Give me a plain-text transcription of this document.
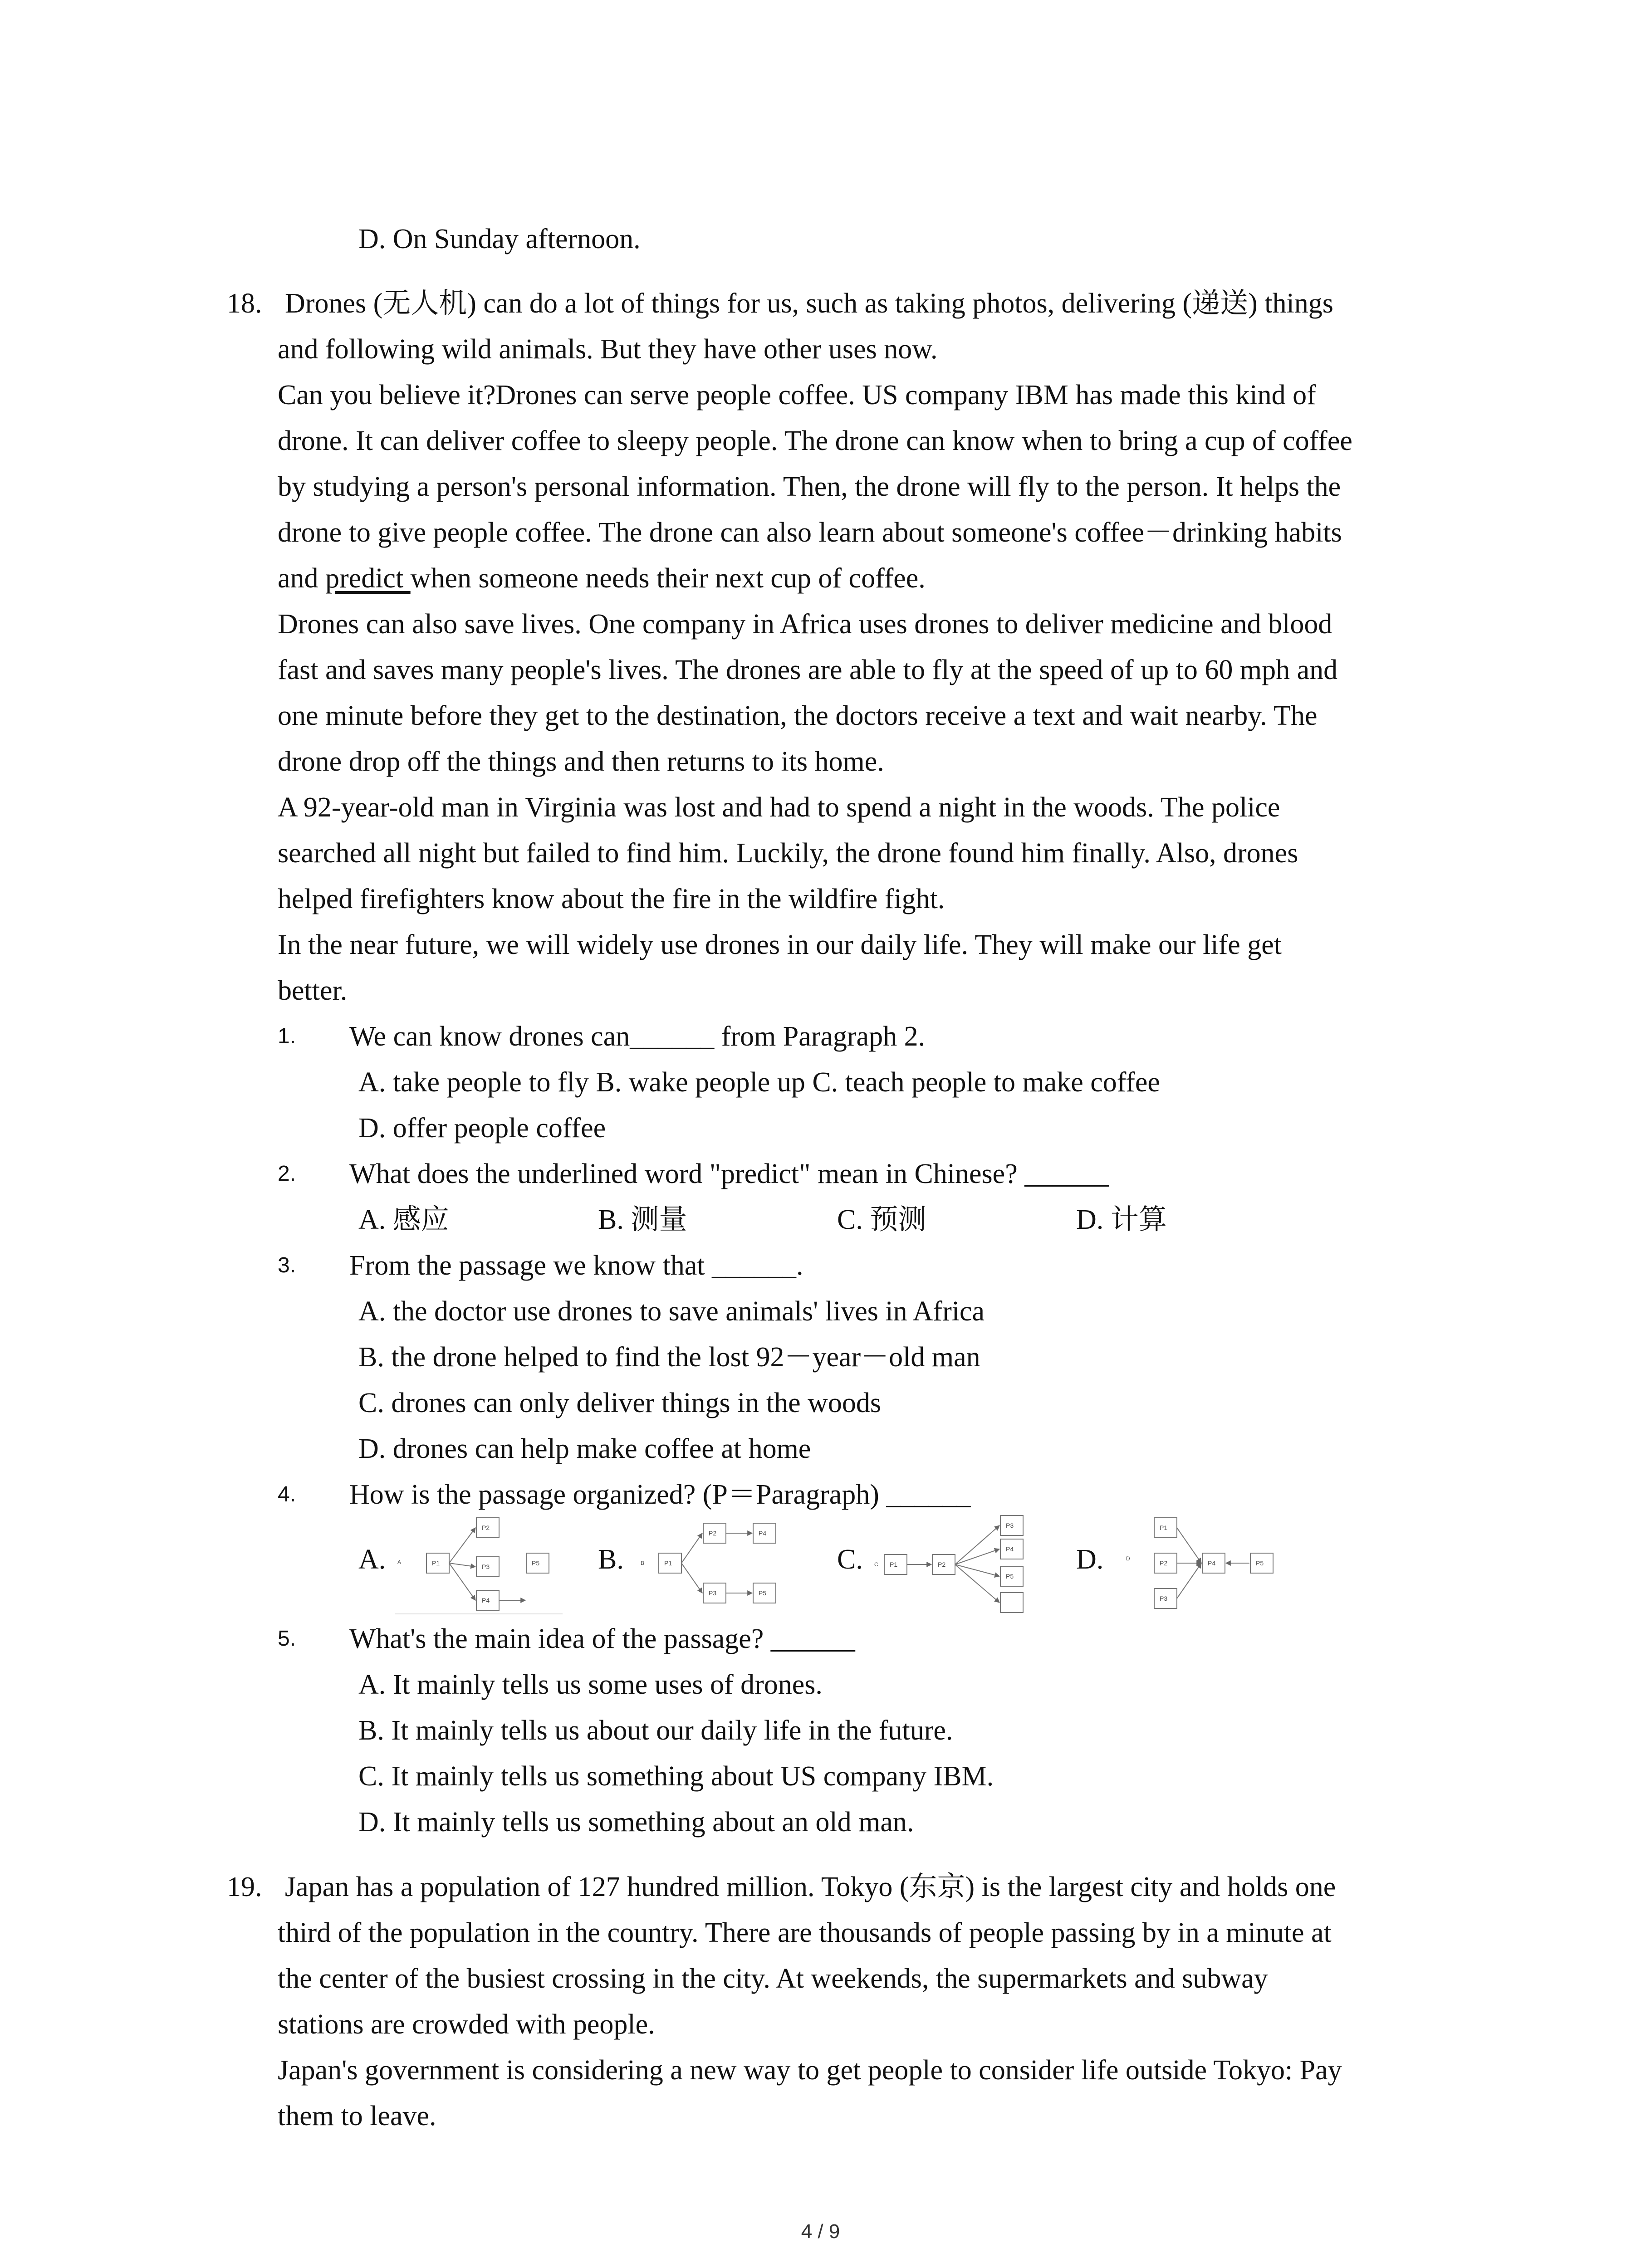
D. On Sunday afternoon.
18. Drones (无人机) can do a lot of things for us, such as taking photos, delivering (递送) things
and following wild animals. But they have other uses now.
Can you believe it?Drones can serve people coffee. US company IBM has made this kind of
drone. It can deliver coffee to sleepy people. The drone can know when to bring a cup of coffee
by studying a person's personal information. Then, the drone will fly to the person. It helps the
drone to give people coffee. The drone can also learn about someone's coffee－drinking habits
and predict when someone needs their next cup of coffee.
Drones can also save lives. One company in Africa uses drones to deliver medicine and blood
fast and saves many people's lives. The drones are able to fly at the speed of up to 60 mph and
one minute before they get to the destination, the doctors receive a text and wait nearby. The
drone drop off the things and then returns to its home.
A 92-year-old man in Virginia was lost and had to spend a night in the woods. The police
searched all night but failed to find him. Luckily, the drone found him finally. Also, drones
helped firefighters know about the fire in the wildfire fight.
In the near future, we will widely use drones in our daily life. They will make our life get
better.
1. We can know drones can______ from Paragraph 2.
A. take people to fly B. wake people up C. teach people to make coffee
D. offer people coffee
2. What does the underlined word "predict" mean in Chinese? ______
A. 感应	B. 测量	C. 预测	D. 计算
3. From the passage we know that ______.
A. the doctor use drones to save animals' lives in Africa
B. the drone helped to find the lost 92－year－old man
C. drones can only deliver things in the woods
D. drones can help make coffee at home
4. How is the passage organized? (P＝Paragraph) ______
A.	B.	C.	D.
A	P1
P2
P3
P4
P5	B	P1
P2
P3
P4
P5
C P1	P2
P3
P4
P5
D
P1
P2
P3
P4	P5
5. What's the main idea of the passage? ______
A. It mainly tells us some uses of drones.
B. It mainly tells us about our daily life in the future.
C. It mainly tells us something about US company IBM.
D. It mainly tells us something about an old man.
19. Japan has a population of 127 hundred million. Tokyo (东京) is the largest city and holds one
third of the population in the country. There are thousands of people passing by in a minute at
the center of the busiest crossing in the city. At weekends, the supermarkets and subway
stations are crowded with people.
Japan's government is considering a new way to get people to consider life outside Tokyo: Pay
them to leave.
4 / 9
